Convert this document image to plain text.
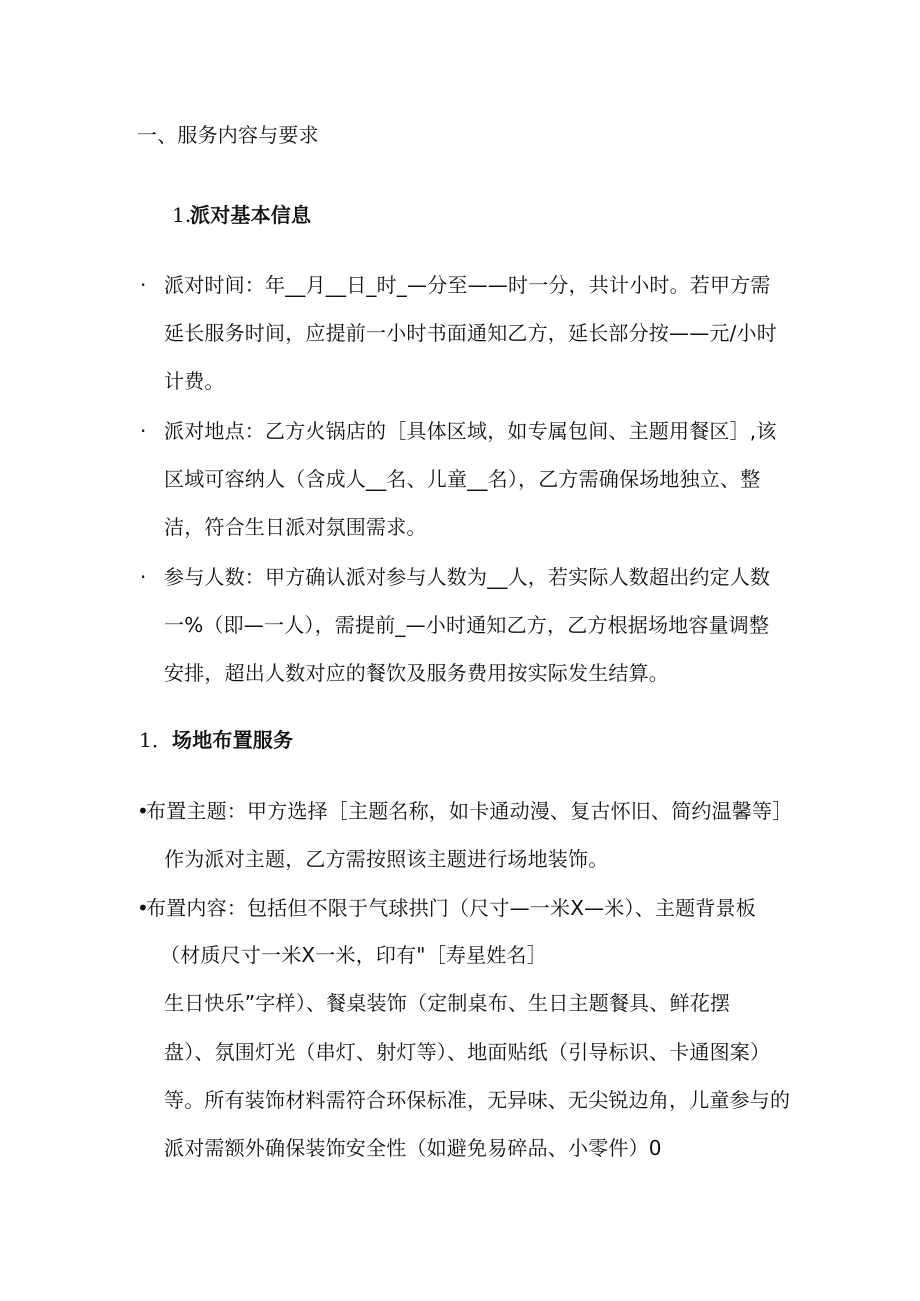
一、服务内容与要求
1.
派对基本信息
· 派对时间：年__月__日_时_—分至——时一分，共计小时。若甲方需
延长服务时间，应提前一小时书面通知乙方，延长部分按——元/小时
计费。
· 派对地点：乙方火锅店的［具体区域，如专属包间、主题用餐区］,该
区域可容纳人（含成人__名、儿童__名），乙方需确保场地独立、整
洁，符合生日派对氛围需求。
· 参与人数：甲方确认派对参与人数为__人，若实际人数超出约定人数
一%（即—一人），需提前_—小时通知乙方，乙方根据场地容量调整
安排，超出人数对应的餐饮及服务费用按实际发生结算。
1． 场地布置服务
•
布置主题：甲方选择［主题名称，如卡通动漫、复古怀旧、简约温馨等］
作为派对主题，乙方需按照该主题进行场地装饰。
•
布置内容：包括但不限于气球拱门（尺寸—一米X—米）、主题背景板
（材质尺寸一米X一米，印有"［寿星姓名］
生日快乐”字样）、餐桌装饰（定制桌布、生日主题餐具、鲜花摆
盘）、氛围灯光（串灯、射灯等）、地面贴纸（引导标识、卡通图案）
等。所有装饰材料需符合环保标准，无异味、无尖锐边角，儿童参与的
派对需额外确保装饰安全性（如避免易碎品、小零件）0
